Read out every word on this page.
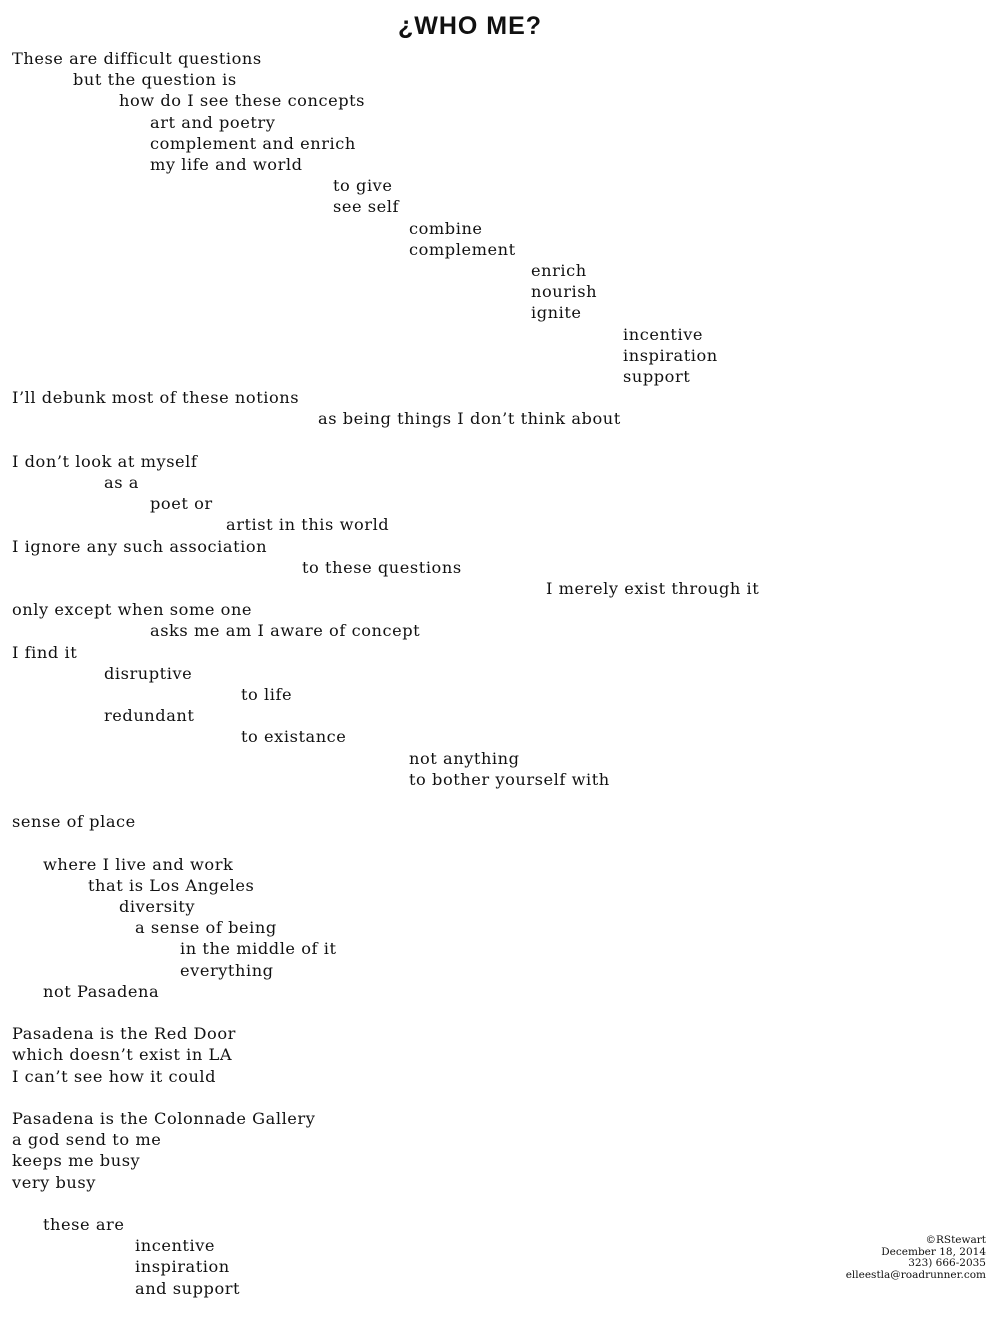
¿WHO ME?
These are difficult questions
but the question is
how do I see these concepts
art and poetry
complement and enrich
my life and world
to give
see self
combine
complement
enrich
nourish
ignite
incentive
inspiration
support
I’ll debunk most of these notions
as being things I don’t think about
I don’t look at myself
as a
poet or
artist in this world
I ignore any such association
to these questions
I merely exist through it
only except when some one
asks me am I aware of concept
I find it
disruptive
to life
redundant
to existance
not anything
to bother yourself with
sense of place
where I live and work
that is Los Angeles
diversity
a sense of being
in the middle of it
everything
not Pasadena
Pasadena is the Red Door
which doesn’t exist in LA
I can’t see how it could
Pasadena is the Colonnade Gallery
a god send to me
keeps me busy
very busy
these are
incentive
inspiration
and support
©RStewart
December 18, 2014
323) 666-2035
elleestla@roadrunner.com
